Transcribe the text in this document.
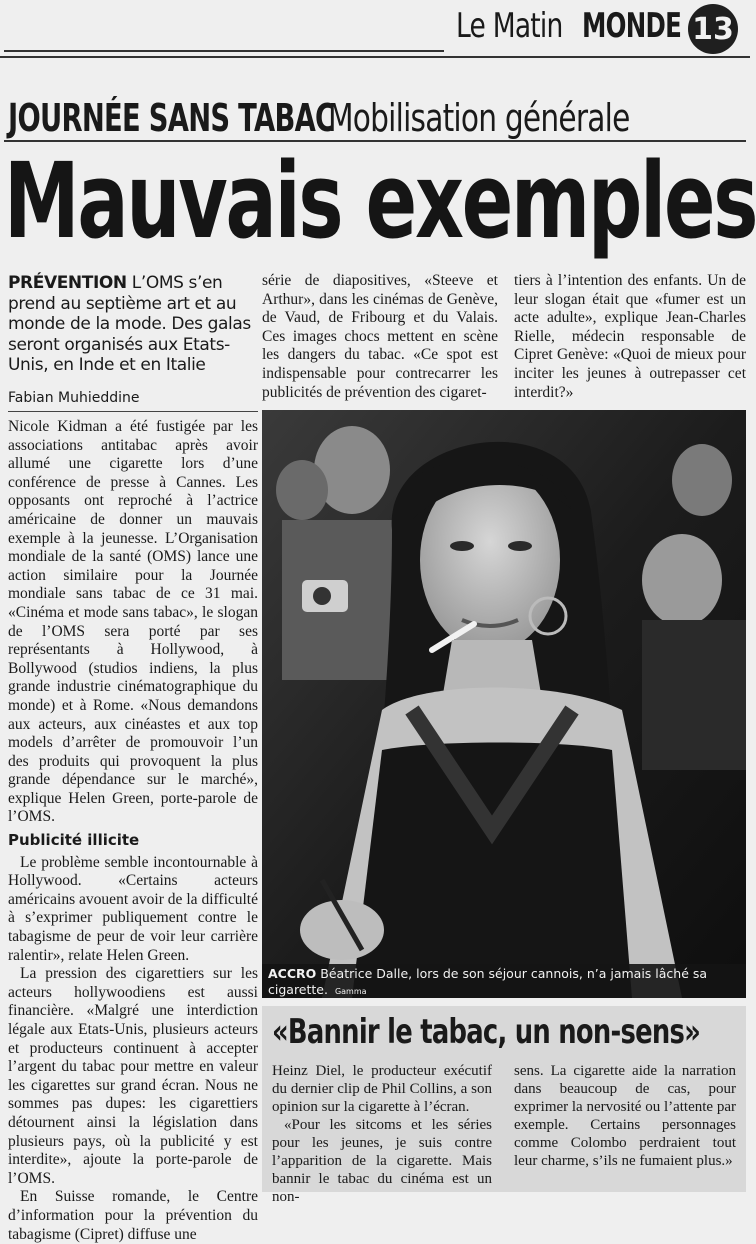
Le Matin MONDE 13
JOURNÉE SANS TABAC
Mobilisation générale
Mauvais exemples
PRÉVENTION L’OMS s’en prend au septième art et au monde de la mode. Des galas seront organisés aux Etats-Unis, en Inde et en Italie
Fabian Muhieddine

Nicole Kidman a été fustigée par les associations antitabac après avoir allumé une cigarette lors d’une conférence de presse à Cannes. Les opposants ont reproché à l’actrice américaine de donner un mauvais exemple à la jeunesse. L’Organisation mondiale de la santé (OMS) lance une action similaire pour la Journée mondiale sans tabac de ce 31 mai. «Cinéma et mode sans tabac», le slogan de l’OMS sera porté par ses représentants à Hollywood, à Bollywood (studios indiens, la plus grande industrie cinématographique du monde) et à Rome. «Nous demandons aux acteurs, aux cinéastes et aux top models d’arrêter de promouvoir l’un des produits qui provoquent la plus grande dépendance sur le marché», explique Helen Green, porte-parole de l’OMS.

Publicité illicite

Le problème semble incontournable à Hollywood. «Certains acteurs américains avouent avoir de la difficulté à s’exprimer publiquement contre le tabagisme de peur de voir leur carrière ralentir», relate Helen Green.

La pression des cigarettiers sur les acteurs hollywoodiens est aussi financière. «Malgré une interdiction légale aux Etats-Unis, plusieurs acteurs et producteurs continuent à accepter l’argent du tabac pour mettre en valeur les cigarettes sur grand écran. Nous ne sommes pas dupes: les cigarettiers détournent ainsi la législation dans plusieurs pays, où la publicité y est interdite», ajoute la porte-parole de l’OMS.

En Suisse romande, le Centre d’information pour la prévention du tabagisme (Cipret) diffuse une

série de diapositives, «Steeve et Arthur», dans les cinémas de Genève, de Vaud, de Fribourg et du Valais. Ces images chocs mettent en scène les dangers du tabac. «Ce spot est indispensable pour contrecarrer les publicités de prévention des cigaret-

tiers à l’intention des enfants. Un de leur slogan était que «fumer est un acte adulte», explique Jean-Charles Rielle, médecin responsable de Cipret Genève: «Quoi de mieux pour inciter les jeunes à outrepasser cet interdit?»

ACCRO Béatrice Dalle, lors de son séjour cannois, n’a jamais lâché sa cigarette. Gamma
«Bannir le tabac, un non-sens»

Heinz Diel, le producteur exécutif du dernier clip de Phil Collins, a son opinion sur la cigarette à l’écran.

«Pour les sitcoms et les séries pour les jeunes, je suis contre l’apparition de la cigarette. Mais bannir le tabac du cinéma est un non-

sens. La cigarette aide la narration dans beaucoup de cas, pour exprimer la nervosité ou l’attente par exemple. Certains personnages comme Colombo perdraient tout leur charme, s’ils ne fumaient plus.»
